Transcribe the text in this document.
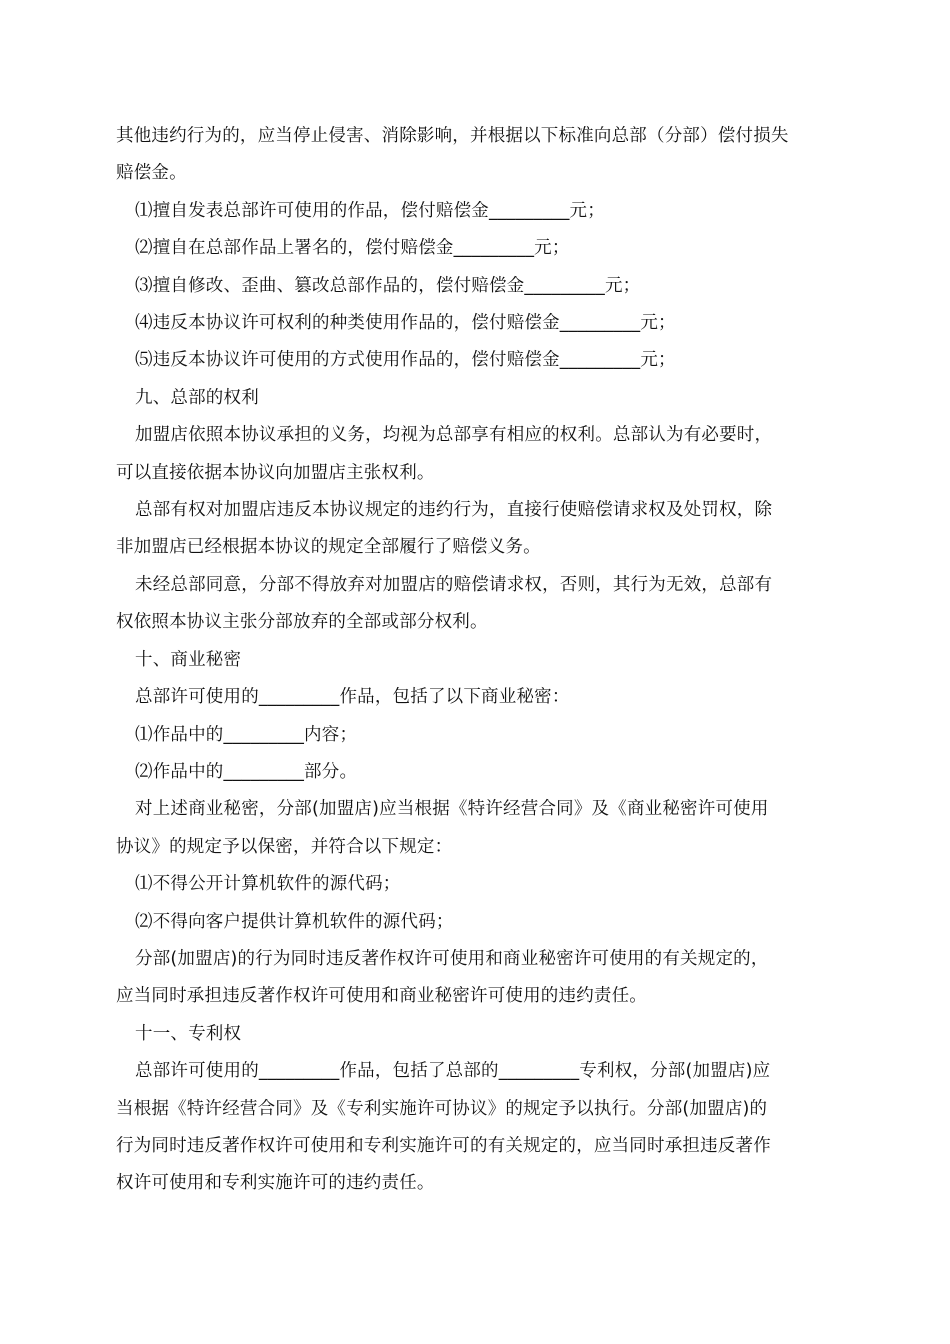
其他违约行为的，应当停止侵害、消除影响，并根据以下标准向总部（分部）偿付损失

赔偿金。

⑴擅自发表总部许可使用的作品，偿付赔偿金_________元；

⑵擅自在总部作品上署名的，偿付赔偿金_________元；

⑶擅自修改、歪曲、篡改总部作品的，偿付赔偿金_________元；

⑷违反本协议许可权利的种类使用作品的，偿付赔偿金_________元；

⑸违反本协议许可使用的方式使用作品的，偿付赔偿金_________元；

九、总部的权利

加盟店依照本协议承担的义务，均视为总部享有相应的权利。总部认为有必要时，

可以直接依据本协议向加盟店主张权利。

总部有权对加盟店违反本协议规定的违约行为，直接行使赔偿请求权及处罚权，除

非加盟店已经根据本协议的规定全部履行了赔偿义务。

未经总部同意，分部不得放弃对加盟店的赔偿请求权，否则，其行为无效，总部有

权依照本协议主张分部放弃的全部或部分权利。

十、商业秘密

总部许可使用的_________作品，包括了以下商业秘密：

⑴作品中的_________内容；

⑵作品中的_________部分。

对上述商业秘密，分部(加盟店)应当根据《特许经营合同》及《商业秘密许可使用

协议》的规定予以保密，并符合以下规定：

⑴不得公开计算机软件的源代码；

⑵不得向客户提供计算机软件的源代码；

分部(加盟店)的行为同时违反著作权许可使用和商业秘密许可使用的有关规定的，

应当同时承担违反著作权许可使用和商业秘密许可使用的违约责任。

十一、专利权

总部许可使用的_________作品，包括了总部的_________专利权，分部(加盟店)应

当根据《特许经营合同》及《专利实施许可协议》的规定予以执行。分部(加盟店)的

行为同时违反著作权许可使用和专利实施许可的有关规定的，应当同时承担违反著作

权许可使用和专利实施许可的违约责任。
